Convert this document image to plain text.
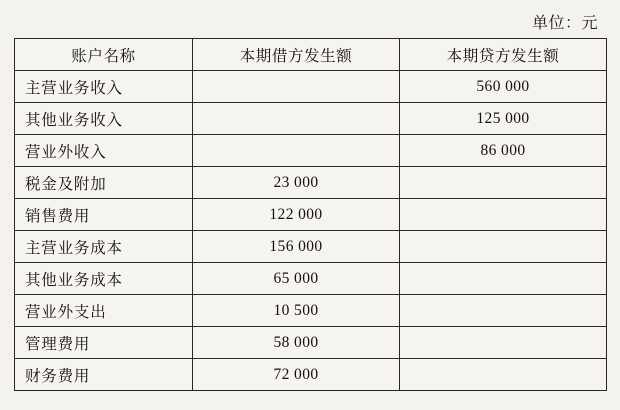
单位：元
账户名称	本期借方发生额	本期贷方发生额
主营业务收入		560 000
其他业务收入		125 000
营业外收入		86 000
税金及附加	23 000	
销售费用	122 000	
主营业务成本	156 000	
其他业务成本	65 000	
营业外支出	10 500	
管理费用	58 000	
财务费用	72 000	
